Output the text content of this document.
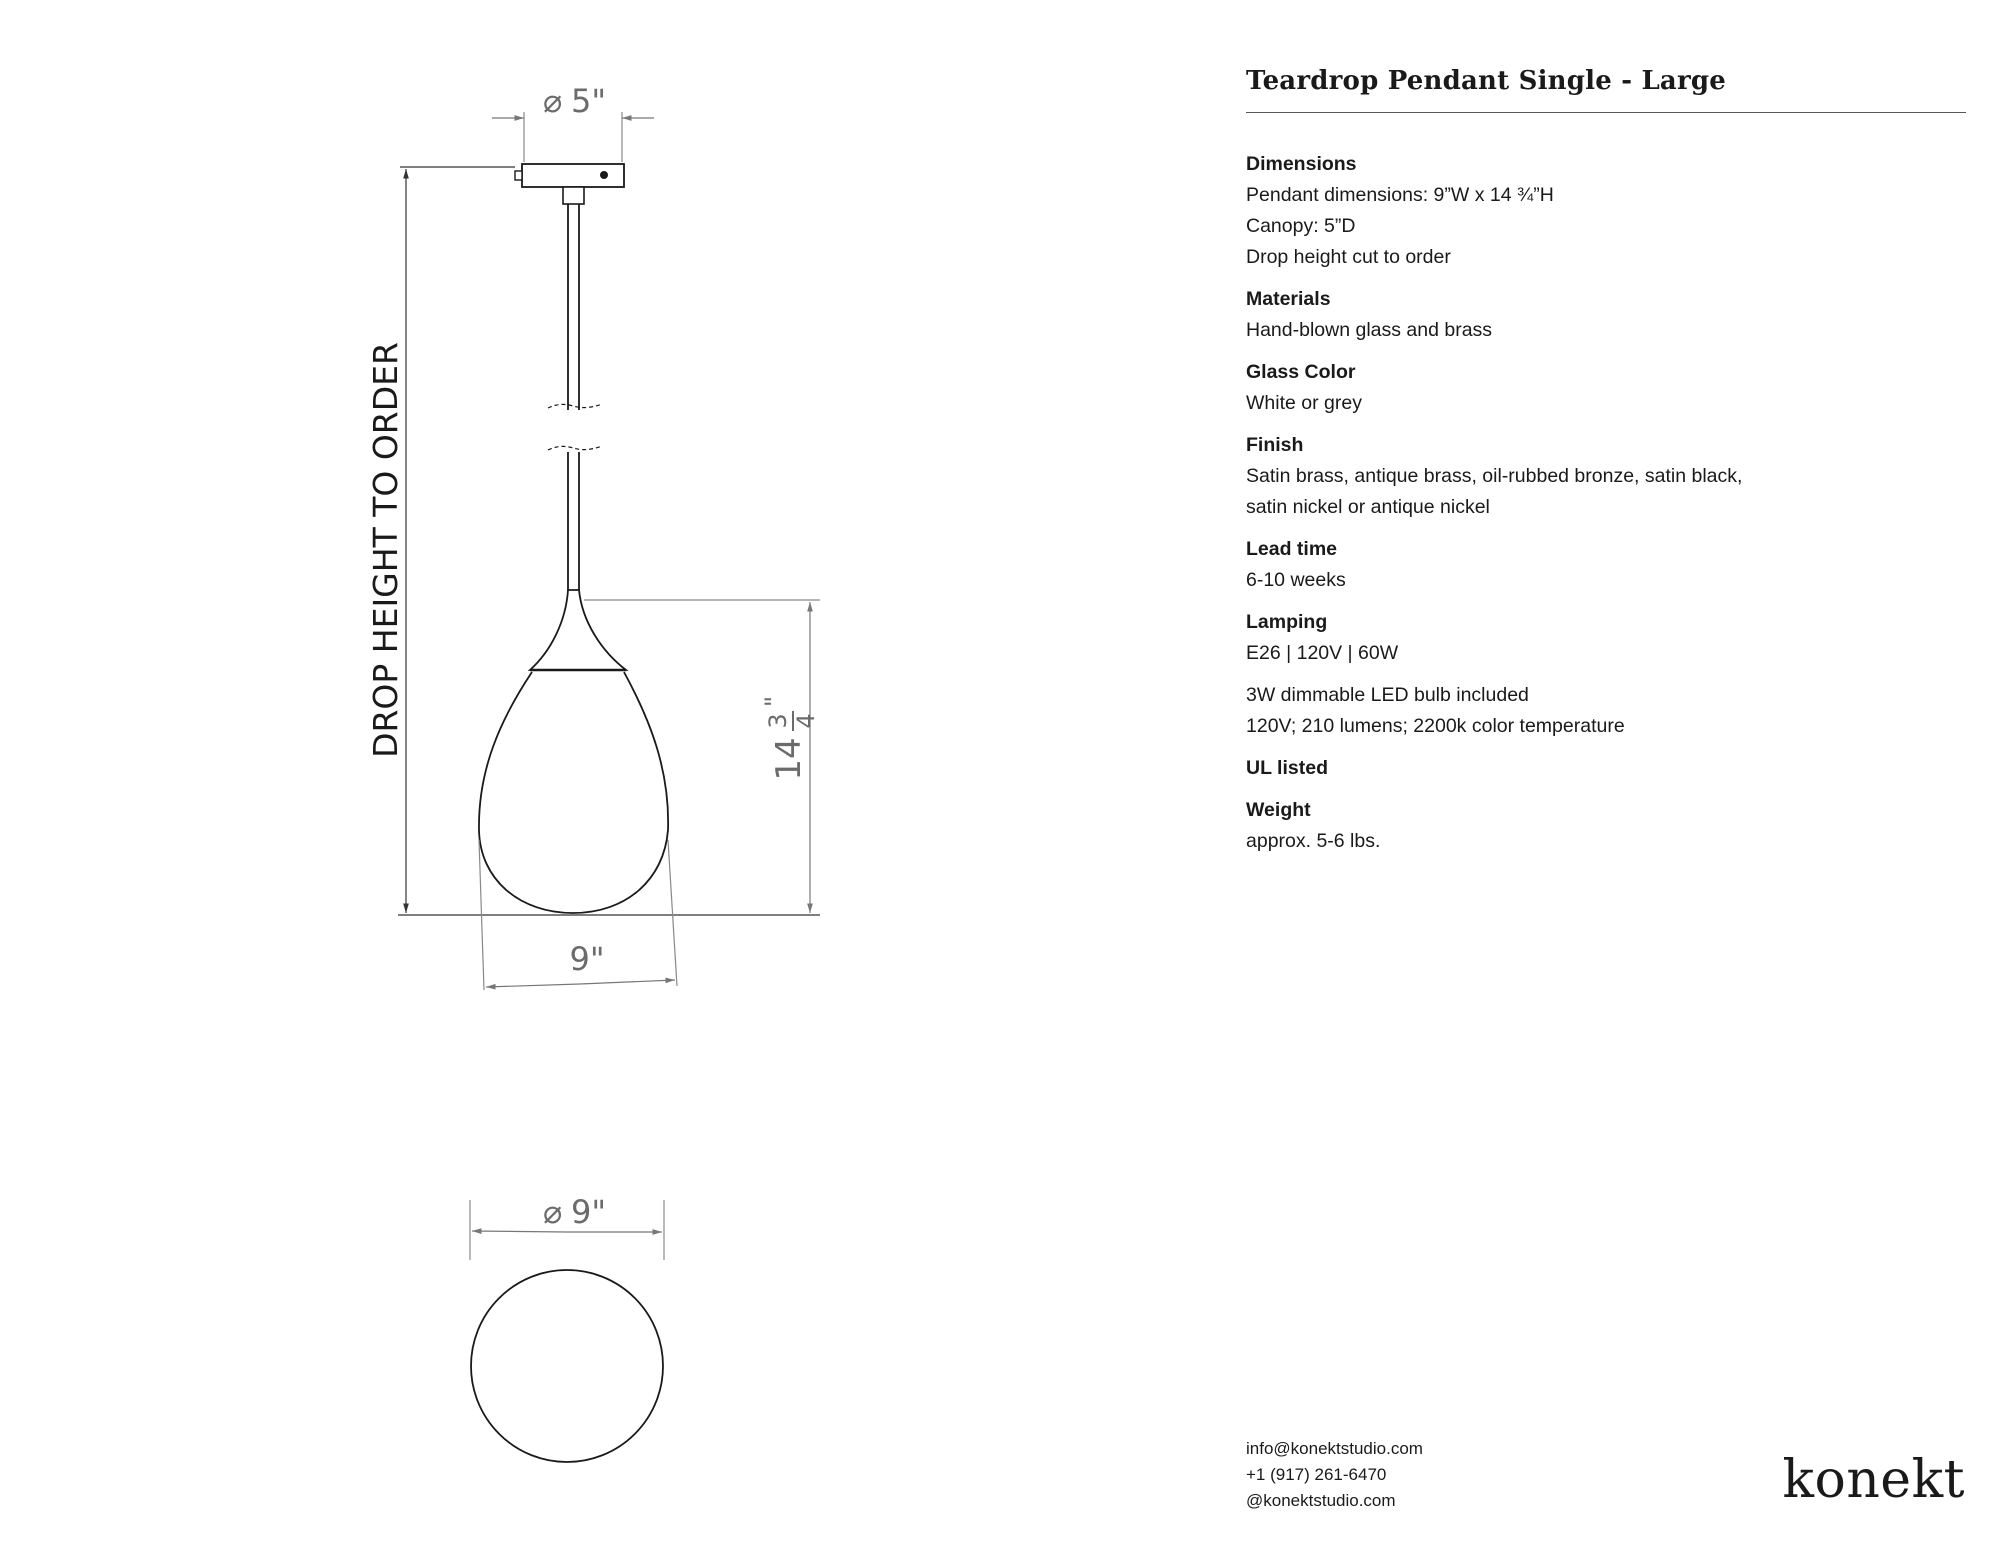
⌀ 5"
DROP HEIGHT TO ORDER
14
3 4
"
9"
⌀ 9"
Teardrop Pendant Single - Large
Dimensions
Pendant dimensions: 9”W x 14 ¾”H
Canopy: 5”D
Drop height cut to order
Materials
Hand-blown glass and brass
Glass Color
White or grey
Finish
Satin brass, antique brass, oil-rubbed bronze, satin black,
satin nickel or antique nickel
Lead time
6-10 weeks
Lamping
E26 | 120V | 60W
3W dimmable LED bulb included
120V; 210 lumens; 2200k color temperature
UL listed
Weight
approx. 5-6 lbs.
info@konektstudio.com
+1 (917) 261-6470
@konektstudio.com	konekt
